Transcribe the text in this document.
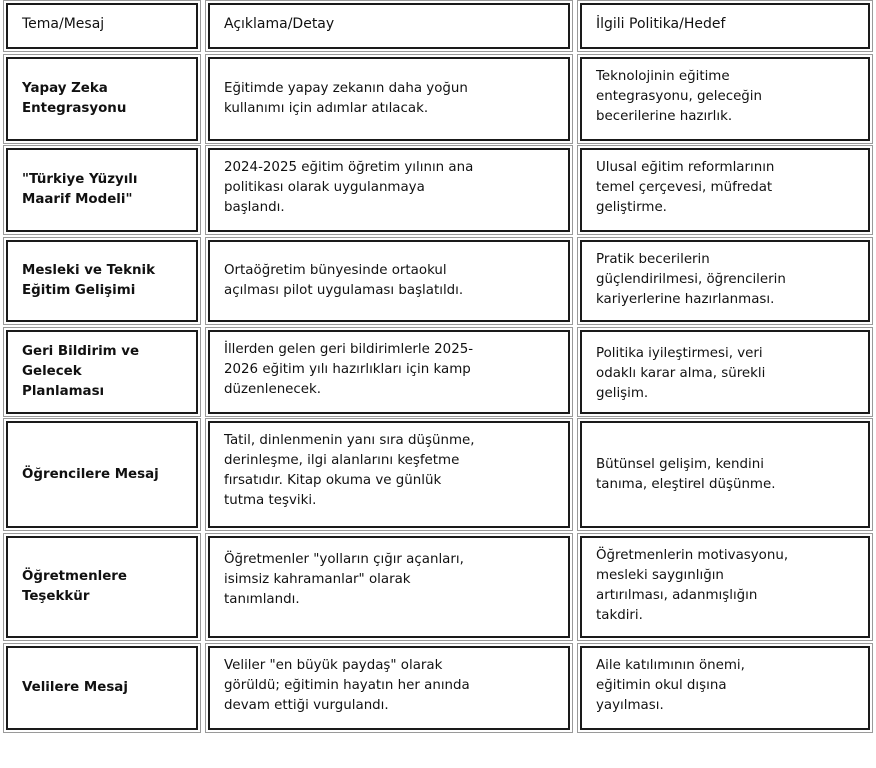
Tema/Mesaj	Açıklama/Detay	İlgili Politika/Hedef
Yapay Zeka
Entegrasyonu
Eğitimde yapay zekanın daha yoğun
kullanımı için adımlar atılacak.
Teknolojinin eğitime
entegrasyonu, geleceğin
becerilerine hazırlık.
"Türkiye Yüzyılı
Maarif Modeli"
2024-2025 eğitim öğretim yılının ana
politikası olarak uygulanmaya
başlandı.
Ulusal eğitim reformlarının
temel çerçevesi, müfredat
geliştirme.
Mesleki ve Teknik
Eğitim Gelişimi
Ortaöğretim bünyesinde ortaokul
açılması pilot uygulaması başlatıldı.
Pratik becerilerin
güçlendirilmesi, öğrencilerin
kariyerlerine hazırlanması.
Geri Bildirim ve
Gelecek
Planlaması
İllerden gelen geri bildirimlerle 2025-
2026 eğitim yılı hazırlıkları için kamp
düzenlenecek.
Politika iyileştirmesi, veri
odaklı karar alma, sürekli
gelişim.
Öğrencilere Mesaj
Tatil, dinlenmenin yanı sıra düşünme,
derinleşme, ilgi alanlarını keşfetme
fırsatıdır. Kitap okuma ve günlük
tutma teşviki.
Bütünsel gelişim, kendini
tanıma, eleştirel düşünme.
Öğretmenlere
Teşekkür
Öğretmenler "yolların çığır açanları,
isimsiz kahramanlar" olarak
tanımlandı.
Öğretmenlerin motivasyonu,
mesleki saygınlığın
artırılması, adanmışlığın
takdiri.
Velilere Mesaj
Veliler "en büyük paydaş" olarak
görüldü; eğitimin hayatın her anında
devam ettiği vurgulandı.
Aile katılımının önemi,
eğitimin okul dışına
yayılması.
